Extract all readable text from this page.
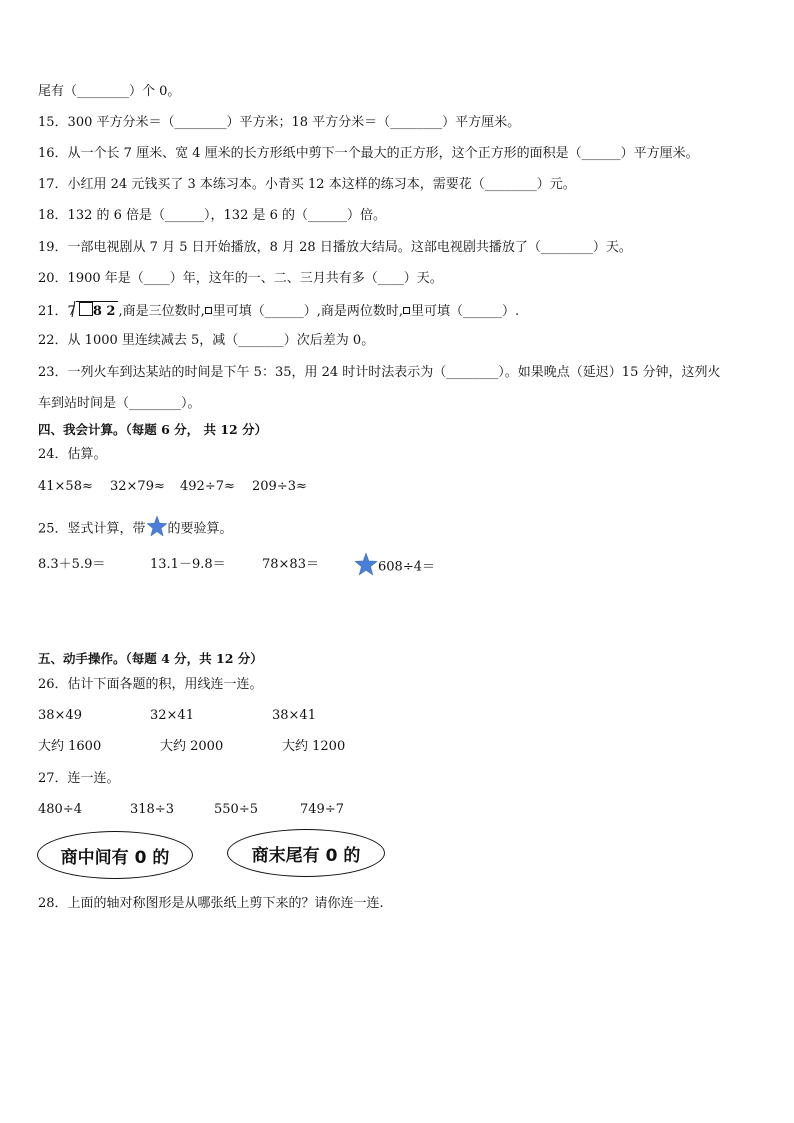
尾有（________）个 0。
15．300 平方分米＝（________）平方米；18 平方分米＝（________）平方厘米。
16．从一个长 7 厘米、宽 4 厘米的长方形纸中剪下一个最大的正方形，这个正方形的面积是（______）平方厘米。
17．小红用 24 元钱买了 3 本练习本。小青买 12 本这样的练习本，需要花（________）元。
18．132 的 6 倍是（______），132 是 6 的（______）倍。
19．一部电视剧从 7 月 5 日开始播放，8 月 28 日播放大结局。这部电视剧共播放了（________）天。
20．1900 年是（____）年，这年的一、二、三月共有多（____）天。
21．7 8 2 ,商是三位数时, 里可填（______）,商是两位数时, 里可填（______）.
22．从 1000 里连续减去 5，减（_______）次后差为 0。
23．一列火车到达某站的时间是下午 5：35，用 24 时计时法表示为（________）。如果晚点（延迟）15 分钟，这列火
车到站时间是（________）。
四、我会计算。（每题 6 分， 共 12 分）
24．估算。
41×58≈ 32×79≈ 492÷7≈ 209÷3≈
25．竖式计算，带 的要验算。
8.3＋5.9＝	13.1－9.8＝	78×83＝	608÷4＝
五、动手操作。（每题 4 分，共 12 分）
26．估计下面各题的积，用线连一连。
38×49	32×41	38×41
大约 1600	大约 2000	大约 1200
27．连一连。
480÷4	318÷3	550÷5	749÷7
商中间有 0 的	商末尾有 0 的
28．上面的轴对称图形是从哪张纸上剪下来的？请你连一连.
